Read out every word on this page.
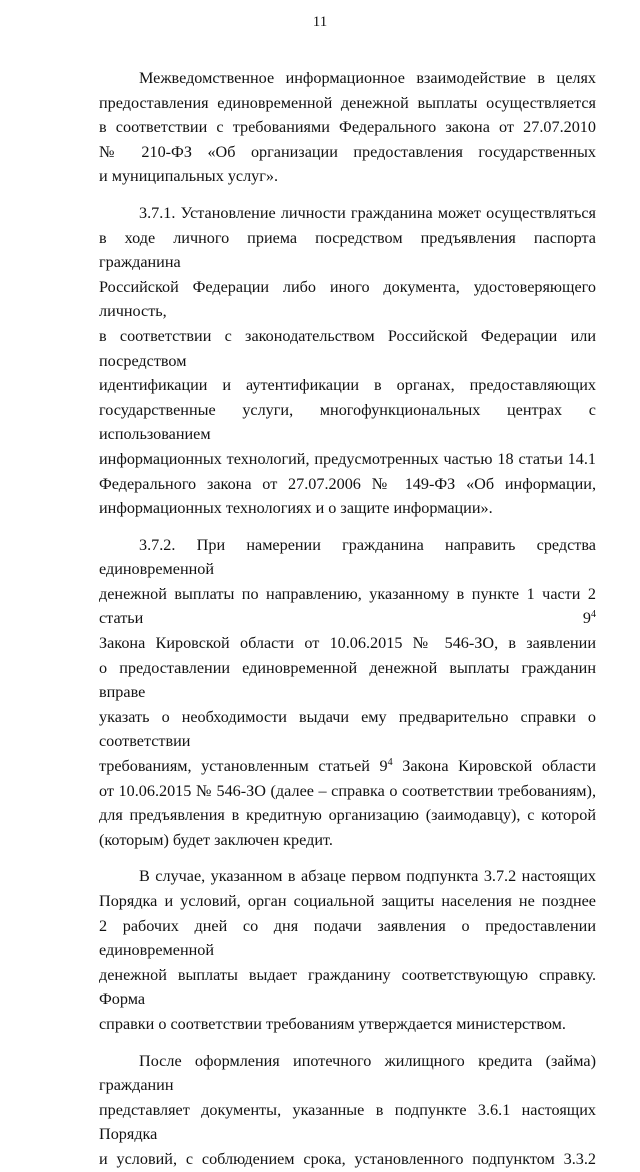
11

Межведомственное информационное взаимодействие в целях
предоставления единовременной денежной выплаты осуществляется
в соответствии с требованиями Федерального закона от 27.07.2010
№ 210-ФЗ «Об организации предоставления государственных
и муниципальных услуг».

3.7.1. Установление личности гражданина может осуществляться
в ходе личного приема посредством предъявления паспорта гражданина
Российской Федерации либо иного документа, удостоверяющего личность,
в соответствии с законодательством Российской Федерации или посредством
идентификации и аутентификации в органах, предоставляющих
государственные услуги, многофункциональных центрах с использованием
информационных технологий, предусмотренных частью 18 статьи 14.1
Федерального закона от 27.07.2006 № 149-ФЗ «Об информации,
информационных технологиях и о защите информации».

3.7.2. При намерении гражданина направить средства единовременной
денежной выплаты по направлению, указанному в пункте 1 части 2 статьи $9^4$
Закона Кировской области от 10.06.2015 № 546-ЗО, в заявлении
о предоставлении единовременной денежной выплаты гражданин вправе
указать о необходимости выдачи ему предварительно справки о соответствии
требованиям, установленным статьей $9^4$ Закона Кировской области
от 10.06.2015 № 546-ЗО (далее – справка о соответствии требованиям),
для предъявления в кредитную организацию (заимодавцу), с которой
(которым) будет заключен кредит.

В случае, указанном в абзаце первом подпункта 3.7.2 настоящих
Порядка и условий, орган социальной защиты населения не позднее
2 рабочих дней со дня подачи заявления о предоставлении единовременной
денежной выплаты выдает гражданину соответствующую справку. Форма
справки о соответствии требованиям утверждается министерством.

После оформления ипотечного жилищного кредита (займа) гражданин
представляет документы, указанные в подпункте 3.6.1 настоящих Порядка
и условий, с соблюдением срока, установленного подпунктом 3.3.2
